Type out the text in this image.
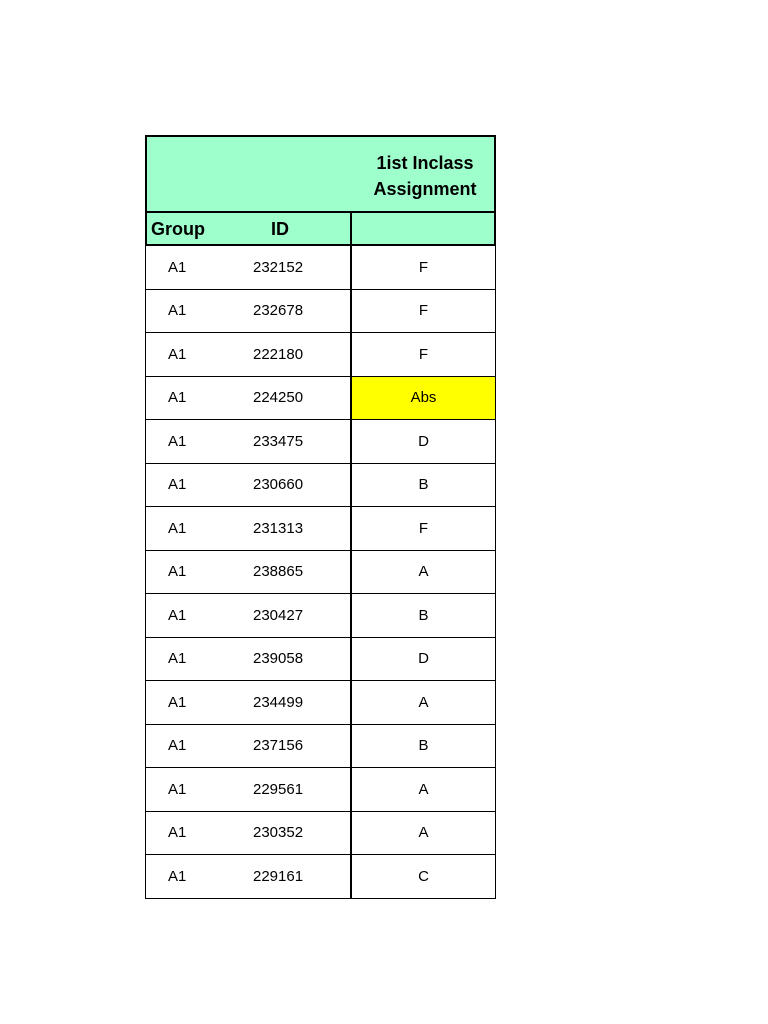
1ist Inclass
Assignment
Group	ID
A1	232152	F
A1	232678	F
A1	222180	F
A1	224250	Abs
A1	233475	D
A1	230660	B
A1	231313	F
A1	238865	A
A1	230427	B
A1	239058	D
A1	234499	A
A1	237156	B
A1	229561	A
A1	230352	A
A1	229161	C
